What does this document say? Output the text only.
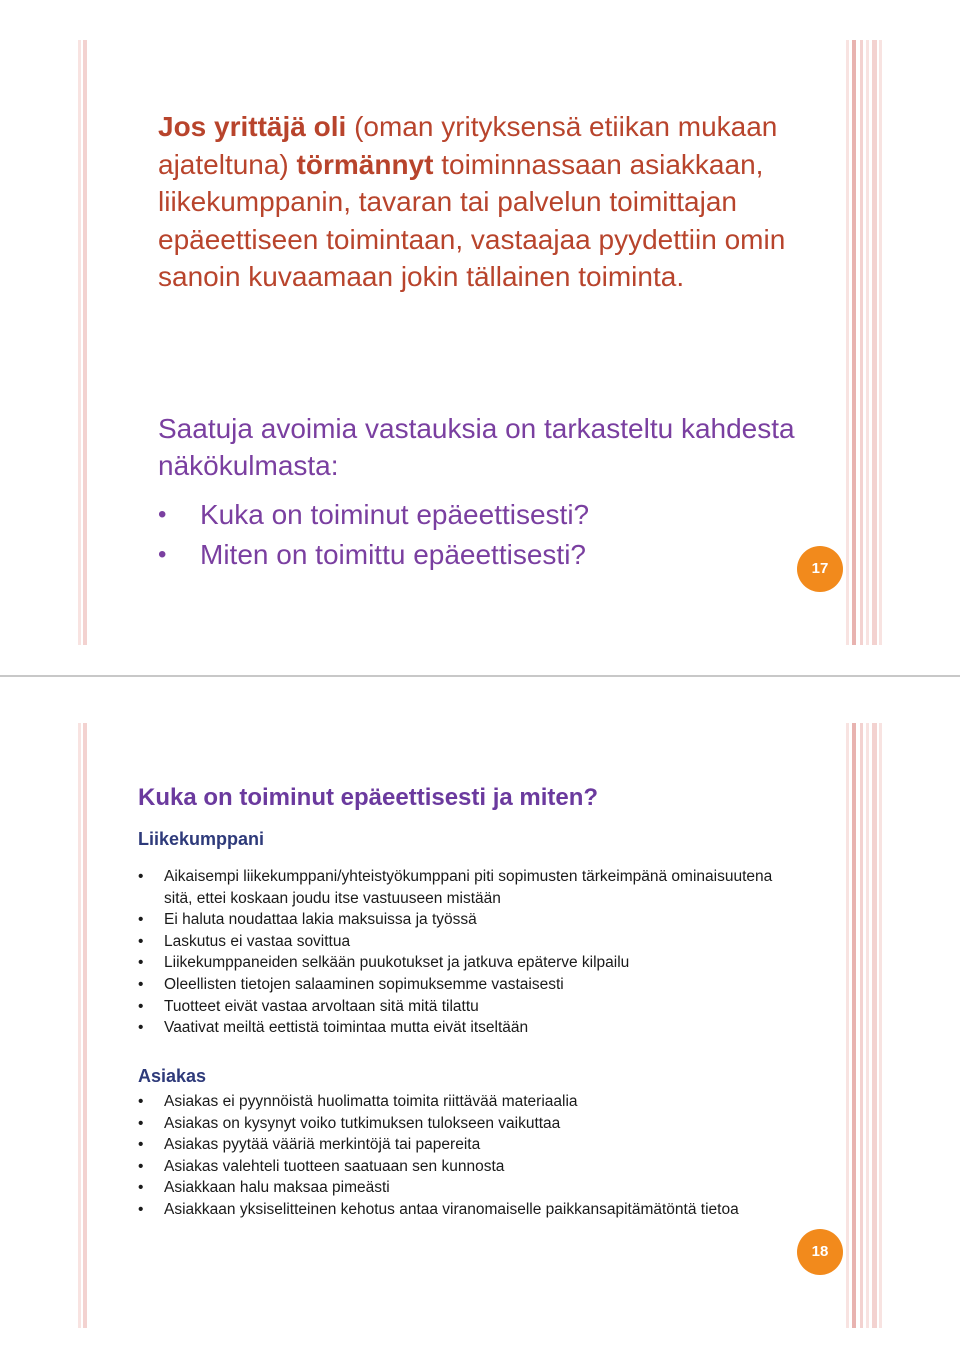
Jos yrittäjä oli (oman yrityksensä etiikan mukaan ajateltuna) törmännyt toiminnassaan asiakkaan, liikekumppanin, tavaran tai palvelun toimittajan epäeettiseen toimintaan, vastaajaa pyydettiin omin sanoin kuvaamaan jokin tällainen toiminta.

Saatuja avoimia vastauksia on tarkasteltu kahdesta näkökulmasta:

• Kuka on toiminut epäeettisesti?
• Miten on toimittu epäeettisesti?	17
Kuka on toiminut epäeettisesti ja miten?
Liikekumppani
• Aikaisempi liikekumppani/yhteistyökumppani piti sopimusten tärkeimpänä ominaisuutena sitä, ettei koskaan joudu itse vastuuseen mistään
• Ei haluta noudattaa lakia maksuissa ja työssä
• Laskutus ei vastaa sovittua
• Liikekumppaneiden selkään puukotukset ja jatkuva epäterve kilpailu
• Oleellisten tietojen salaaminen sopimuksemme vastaisesti
• Tuotteet eivät vastaa arvoltaan sitä mitä tilattu
• Vaativat meiltä eettistä toimintaa mutta eivät itseltään
Asiakas
• Asiakas ei pyynnöistä huolimatta toimita riittävää materiaalia
• Asiakas on kysynyt voiko tutkimuksen tulokseen vaikuttaa
• Asiakas pyytää vääriä merkintöjä tai papereita
• Asiakas valehteli tuotteen saatuaan sen kunnosta
• Asiakkaan halu maksaa pimeästi
• Asiakkaan yksiselitteinen kehotus antaa viranomaiselle paikkansapitämätöntä tietoa
18
